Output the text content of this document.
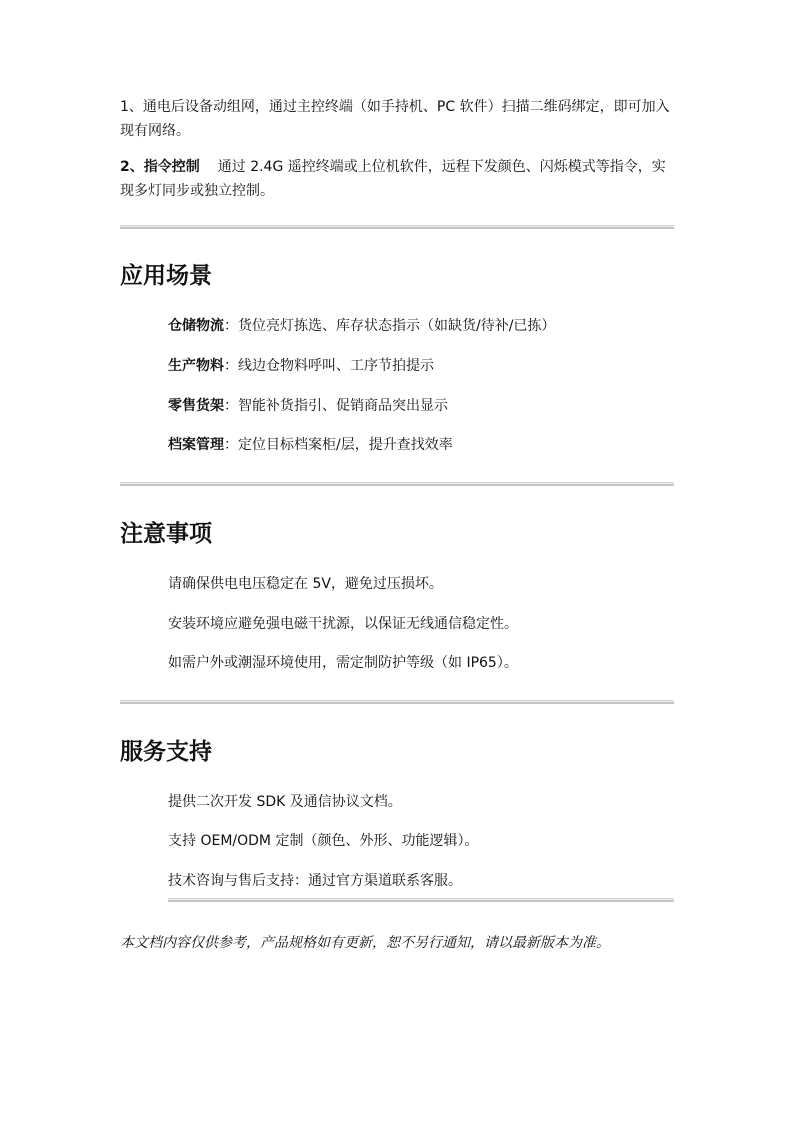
1、通电后设备动组网，通过主控终端（如手持机、PC 软件）扫描二维码绑定，即可加入现有网络。

2、指令控制 通过 2.4G 遥控终端或上位机软件，远程下发颜色、闪烁模式等指令，实现多灯同步或独立控制。

应用场景

仓储物流：货位亮灯拣选、库存状态指示（如缺货/待补/已拣）

生产物料：线边仓物料呼叫、工序节拍提示

零售货架：智能补货指引、促销商品突出显示

档案管理：定位目标档案柜/层，提升查找效率

注意事项

请确保供电电压稳定在 5V，避免过压损坏。

安装环境应避免强电磁干扰源，以保证无线通信稳定性。

如需户外或潮湿环境使用，需定制防护等级（如 IP65）。

服务支持

提供二次开发 SDK 及通信协议文档。

支持 OEM/ODM 定制（颜色、外形、功能逻辑）。

技术咨询与售后支持：通过官方渠道联系客服。

本文档内容仅供参考，产品规格如有更新，恕不另行通知，请以最新版本为准。
